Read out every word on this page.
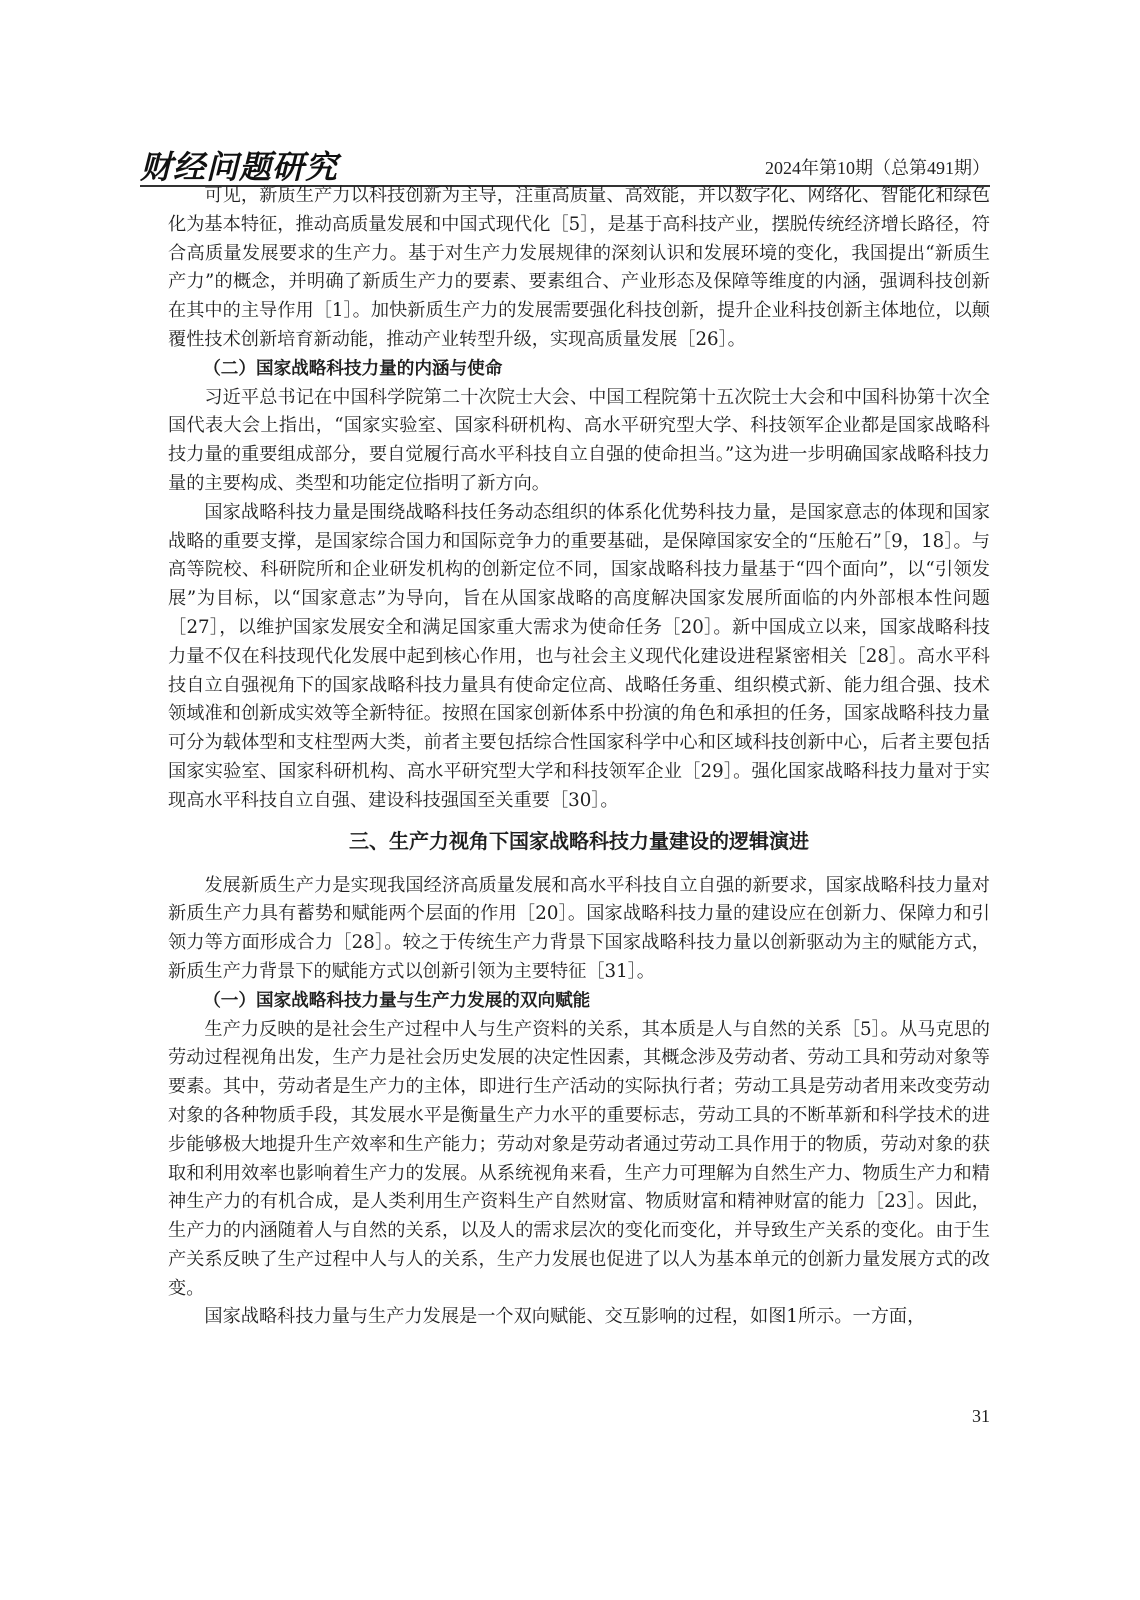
财经问题研究	2024年第10期（总第491期）

可见，新质生产力以科技创新为主导，注重高质量、高效能，并以数字化、网络化、智能化和绿色化为基本特征，推动高质量发展和中国式现代化［5］，是基于高科技产业，摆脱传统经济增长路径，符合高质量发展要求的生产力。基于对生产力发展规律的深刻认识和发展环境的变化，我国提出“新质生产力”的概念，并明确了新质生产力的要素、要素组合、产业形态及保障等维度的内涵，强调科技创新在其中的主导作用［1］。加快新质生产力的发展需要强化科技创新，提升企业科技创新主体地位，以颠覆性技术创新培育新动能，推动产业转型升级，实现高质量发展［26］。

（二）国家战略科技力量的内涵与使命

习近平总书记在中国科学院第二十次院士大会、中国工程院第十五次院士大会和中国科协第十次全国代表大会上指出，“国家实验室、国家科研机构、高水平研究型大学、科技领军企业都是国家战略科技力量的重要组成部分，要自觉履行高水平科技自立自强的使命担当。”这为进一步明确国家战略科技力量的主要构成、类型和功能定位指明了新方向。

国家战略科技力量是围绕战略科技任务动态组织的体系化优势科技力量，是国家意志的体现和国家战略的重要支撑，是国家综合国力和国际竞争力的重要基础，是保障国家安全的“压舱石”［9，18］。与高等院校、科研院所和企业研发机构的创新定位不同，国家战略科技力量基于“四个面向”，以“引领发展”为目标，以“国家意志”为导向，旨在从国家战略的高度解决国家发展所面临的内外部根本性问题［27］，以维护国家发展安全和满足国家重大需求为使命任务［20］。新中国成立以来，国家战略科技力量不仅在科技现代化发展中起到核心作用，也与社会主义现代化建设进程紧密相关［28］。高水平科技自立自强视角下的国家战略科技力量具有使命定位高、战略任务重、组织模式新、能力组合强、技术领域准和创新成实效等全新特征。按照在国家创新体系中扮演的角色和承担的任务，国家战略科技力量可分为载体型和支柱型两大类，前者主要包括综合性国家科学中心和区域科技创新中心，后者主要包括国家实验室、国家科研机构、高水平研究型大学和科技领军企业［29］。强化国家战略科技力量对于实现高水平科技自立自强、建设科技强国至关重要［30］。

三、生产力视角下国家战略科技力量建设的逻辑演进

发展新质生产力是实现我国经济高质量发展和高水平科技自立自强的新要求，国家战略科技力量对新质生产力具有蓄势和赋能两个层面的作用［20］。国家战略科技力量的建设应在创新力、保障力和引领力等方面形成合力［28］。较之于传统生产力背景下国家战略科技力量以创新驱动为主的赋能方式，新质生产力背景下的赋能方式以创新引领为主要特征［31］。

（一）国家战略科技力量与生产力发展的双向赋能

生产力反映的是社会生产过程中人与生产资料的关系，其本质是人与自然的关系［5］。从马克思的劳动过程视角出发，生产力是社会历史发展的决定性因素，其概念涉及劳动者、劳动工具和劳动对象等要素。其中，劳动者是生产力的主体，即进行生产活动的实际执行者；劳动工具是劳动者用来改变劳动对象的各种物质手段，其发展水平是衡量生产力水平的重要标志，劳动工具的不断革新和科学技术的进步能够极大地提升生产效率和生产能力；劳动对象是劳动者通过劳动工具作用于的物质，劳动对象的获取和利用效率也影响着生产力的发展。从系统视角来看，生产力可理解为自然生产力、物质生产力和精神生产力的有机合成，是人类利用生产资料生产自然财富、物质财富和精神财富的能力［23］。因此，生产力的内涵随着人与自然的关系，以及人的需求层次的变化而变化，并导致生产关系的变化。由于生产关系反映了生产过程中人与人的关系，生产力发展也促进了以人为基本单元的创新力量发展方式的改变。

国家战略科技力量与生产力发展是一个双向赋能、交互影响的过程，如图1所示。一方面，

31
